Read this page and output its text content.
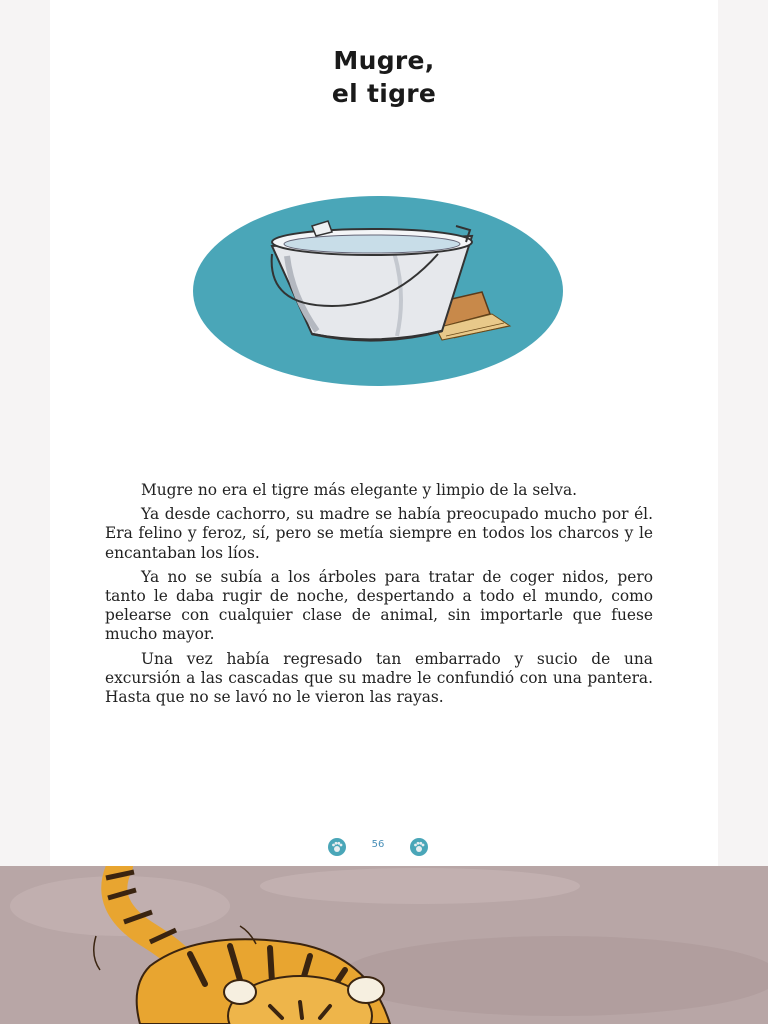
Mugre,
el tigre

Mugre no era el tigre más elegante y limpio de la selva.

Ya desde cachorro, su madre se había preocupado mucho por él. Era felino y feroz, sí, pero se metía siempre en todos los charcos y le encantaban los líos.

Ya no se subía a los árboles para tratar de coger nidos, pero tanto le daba rugir de noche, despertando a todo el mundo, como pelearse con cualquier clase de animal, sin importarle que fuese mucho mayor.

Una vez había regresado tan embarrado y sucio de una excursión a las cascadas que su madre le confundió con una pantera. Hasta que no se lavó no le vieron las rayas.

56
